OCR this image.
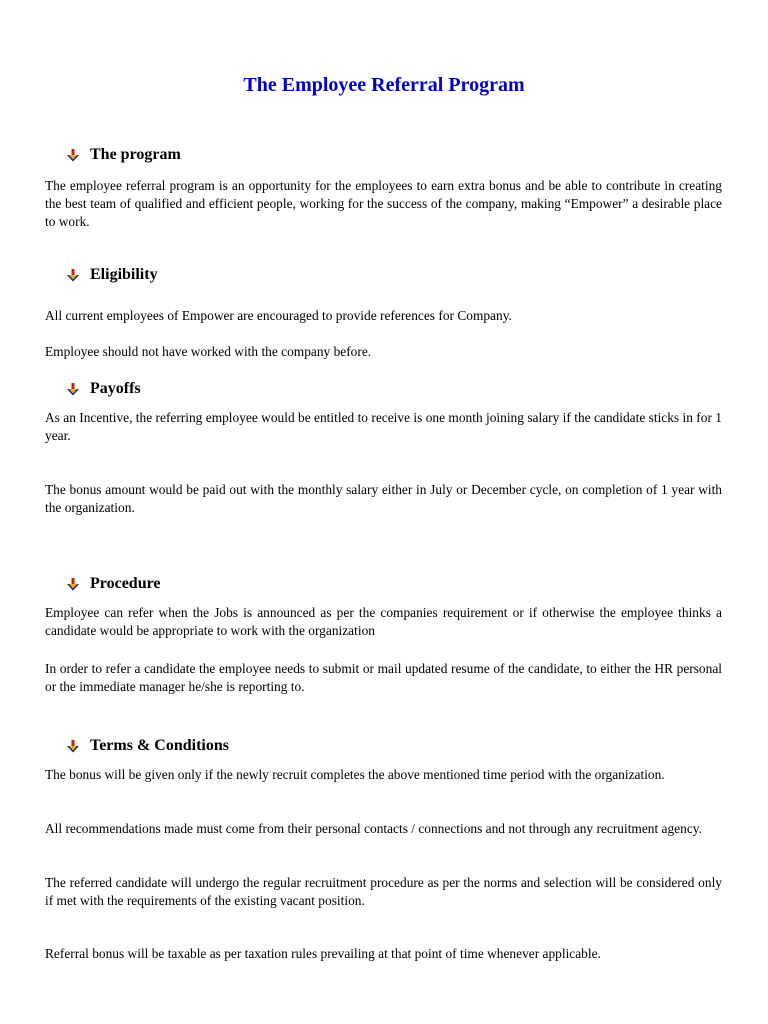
The Employee Referral Program
The program
The employee referral program is an opportunity for the employees to earn extra bonus and be able to contribute in creating the best team of qualified and efficient people, working for the success of the company, making “Empower” a desirable place to work.
Eligibility
All current employees of Empower are encouraged to provide references for Company.
Employee should not have worked with the company before.
Payoffs
As an Incentive, the referring employee would be entitled to receive is one month joining salary if the candidate sticks in for 1 year.
The bonus amount would be paid out with the monthly salary either in July or December cycle, on completion of 1 year with the organization.
Procedure
Employee can refer when the Jobs is announced as per the companies requirement or if otherwise the employee thinks a candidate would be appropriate to work with the organization
In order to refer a candidate the employee needs to submit or mail updated resume of the candidate, to either the HR personal or the immediate manager he/she is reporting to.
Terms & Conditions
The bonus will be given only if the newly recruit completes the above mentioned time period with the organization.
All recommendations made must come from their personal contacts / connections and not through any recruitment agency.
The referred candidate will undergo the regular recruitment procedure as per the norms and selection will be considered only if met with the requirements of the existing vacant position.
Referral bonus will be taxable as per taxation rules prevailing at that point of time whenever applicable.
